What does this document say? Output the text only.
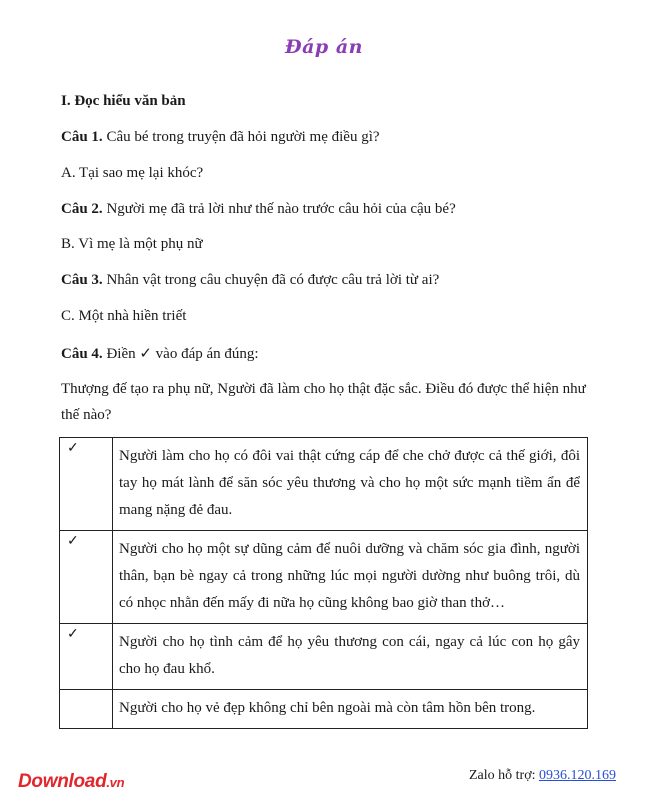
Đáp án
I. Đọc hiểu văn bản
Câu 1. Câu bé trong truyện đã hỏi người mẹ điều gì?
A. Tại sao mẹ lại khóc?
Câu 2. Người mẹ đã trả lời như thế nào trước câu hỏi của cậu bé?
B. Vì mẹ là một phụ nữ
Câu 3. Nhân vật trong câu chuyện đã có được câu trả lời từ ai?
C. Một nhà hiền triết
Câu 4. Điền ✓ vào đáp án đúng:
Thượng đế tạo ra phụ nữ, Người đã làm cho họ thật đặc sắc. Điều đó được thể hiện như thế nào?
✓	Người làm cho họ có đôi vai thật cứng cáp để che chở được cả thế giới, đôi tay họ mát lành để săn sóc yêu thương và cho họ một sức mạnh tiềm ẩn để mang nặng đẻ đau.
✓	Người cho họ một sự dũng cảm để nuôi dưỡng và chăm sóc gia đình, người thân, bạn bè ngay cả trong những lúc mọi người dường như buông trôi, dù có nhọc nhằn đến mấy đi nữa họ cũng không bao giờ than thở…
✓	Người cho họ tình cảm để họ yêu thương con cái, ngay cả lúc con họ gây cho họ đau khổ.
	Người cho họ vẻ đẹp không chỉ bên ngoài mà còn tâm hồn bên trong.
Download.vn	Zalo hỗ trợ: 0936.120.169
